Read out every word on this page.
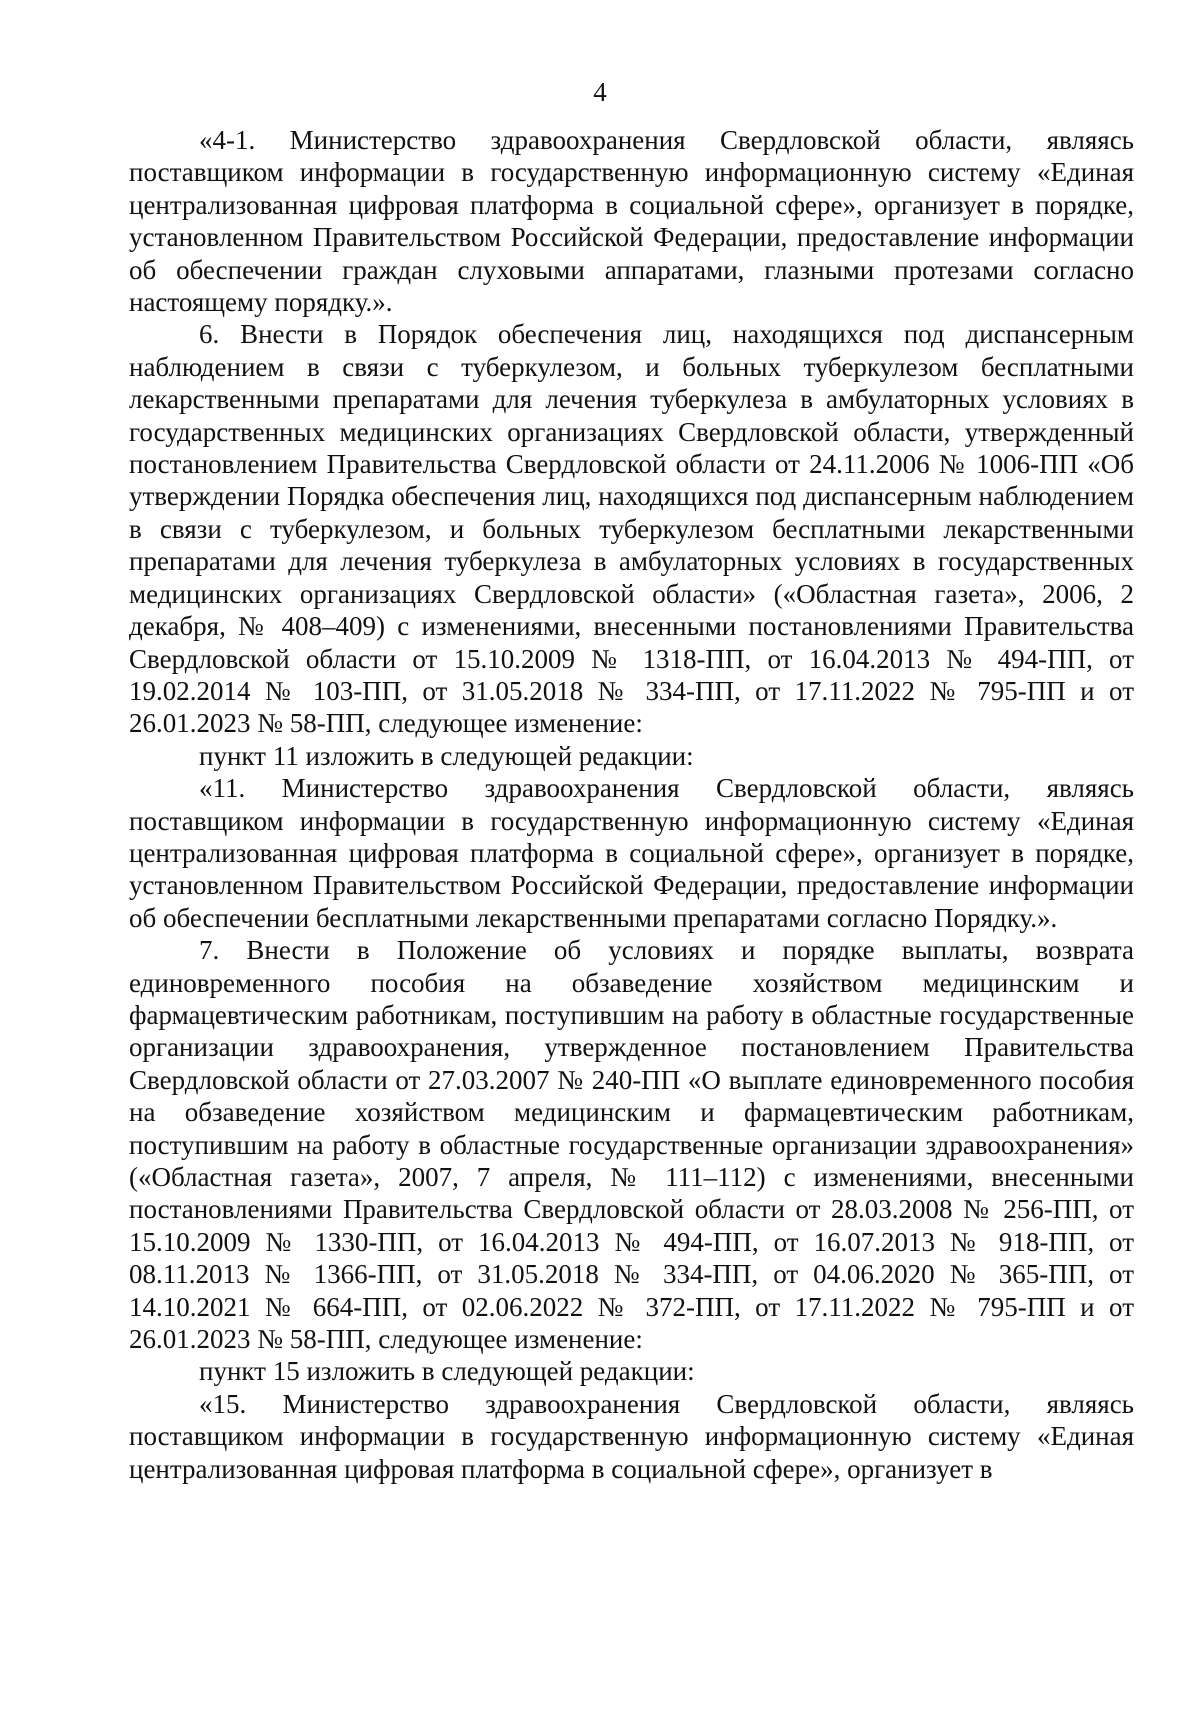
4

«4-1. Министерство здравоохранения Свердловской области, являясь поставщиком информации в государственную информационную систему «Единая централизованная цифровая платформа в социальной сфере», организует в порядке, установленном Правительством Российской Федерации, предоставление информации об обеспечении граждан слуховыми аппаратами, глазными протезами согласно настоящему порядку.».

6. Внести в Порядок обеспечения лиц, находящихся под диспансерным наблюдением в связи с туберкулезом, и больных туберкулезом бесплатными лекарственными препаратами для лечения туберкулеза в амбулаторных условиях в государственных медицинских организациях Свердловской области, утвержденный постановлением Правительства Свердловской области от 24.11.2006 № 1006-ПП «Об утверждении Порядка обеспечения лиц, находящихся под диспансерным наблюдением в связи с туберкулезом, и больных туберкулезом бесплатными лекарственными препаратами для лечения туберкулеза в амбулаторных условиях в государственных медицинских организациях Свердловской области» («Областная газета», 2006, 2 декабря, № 408–409) с изменениями, внесенными постановлениями Правительства Свердловской области от 15.10.2009 № 1318-ПП, от 16.04.2013 № 494-ПП, от 19.02.2014 № 103-ПП, от 31.05.2018 № 334-ПП, от 17.11.2022 № 795-ПП и от 26.01.2023 № 58-ПП, следующее изменение:

пункт 11 изложить в следующей редакции:

«11. Министерство здравоохранения Свердловской области, являясь поставщиком информации в государственную информационную систему «Единая централизованная цифровая платформа в социальной сфере», организует в порядке, установленном Правительством Российской Федерации, предоставление информации об обеспечении бесплатными лекарственными препаратами согласно Порядку.».

7. Внести в Положение об условиях и порядке выплаты, возврата единовременного пособия на обзаведение хозяйством медицинским и фармацевтическим работникам, поступившим на работу в областные государственные организации здравоохранения, утвержденное постановлением Правительства Свердловской области от 27.03.2007 № 240-ПП «О выплате единовременного пособия на обзаведение хозяйством медицинским и фармацевтическим работникам, поступившим на работу в областные государственные организации здравоохранения» («Областная газета», 2007, 7 апреля, № 111–112) с изменениями, внесенными постановлениями Правительства Свердловской области от 28.03.2008 № 256-ПП, от 15.10.2009 № 1330-ПП, от 16.04.2013 № 494-ПП, от 16.07.2013 № 918-ПП, от 08.11.2013 № 1366-ПП, от 31.05.2018 № 334-ПП, от 04.06.2020 № 365-ПП, от 14.10.2021 № 664-ПП, от 02.06.2022 № 372-ПП, от 17.11.2022 № 795-ПП и от 26.01.2023 № 58-ПП, следующее изменение:

пункт 15 изложить в следующей редакции:

«15. Министерство здравоохранения Свердловской области, являясь поставщиком информации в государственную информационную систему «Единая централизованная цифровая платформа в социальной сфере», организует в
